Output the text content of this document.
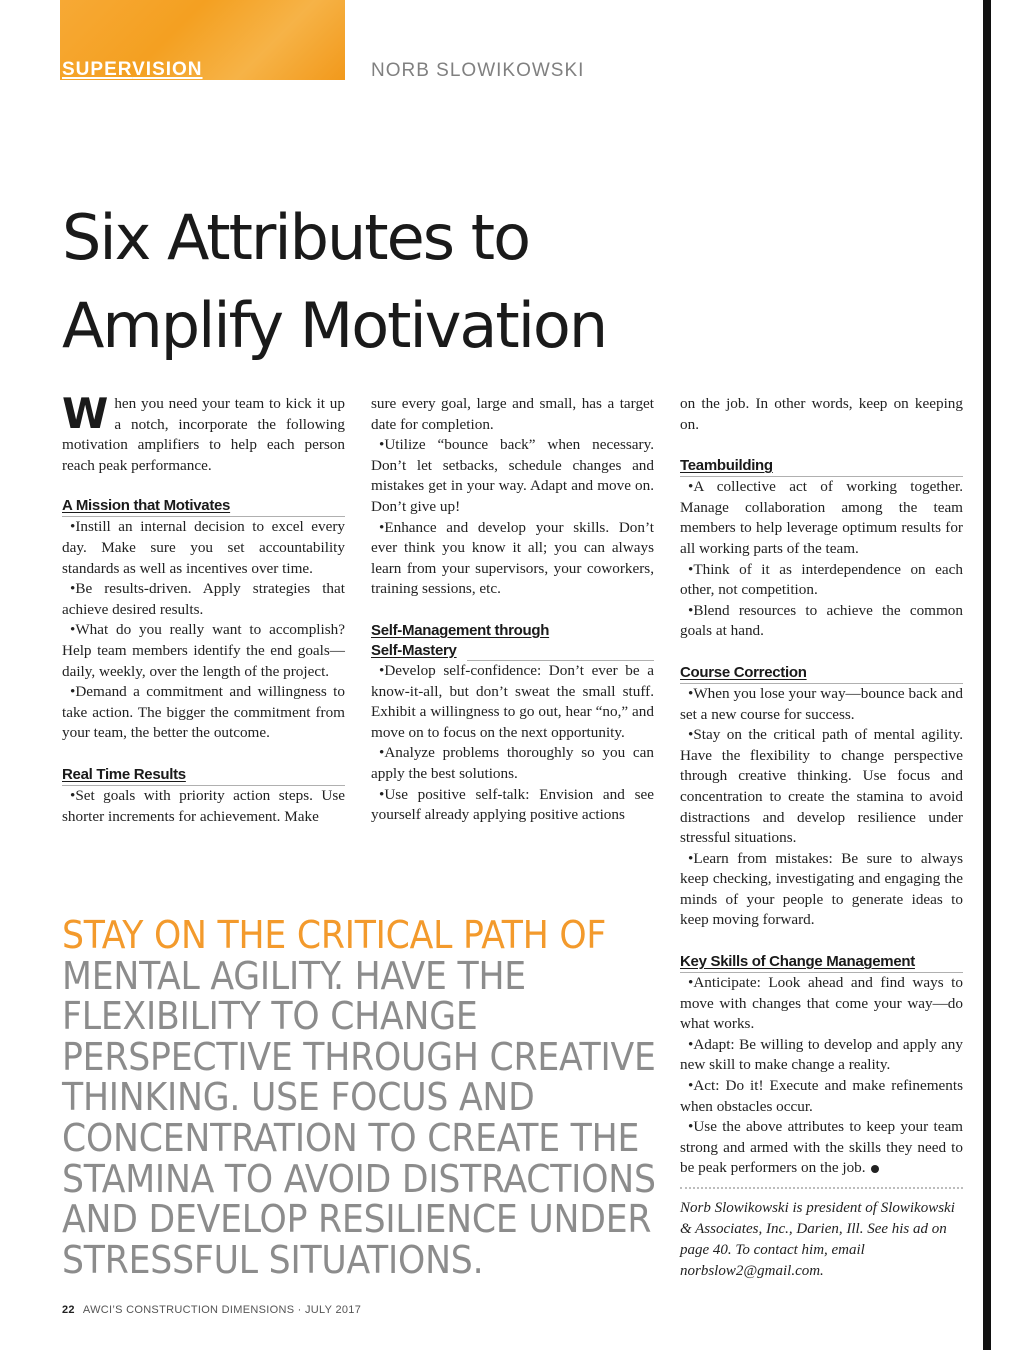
SUPERVISION	NORB SLOWIKOWSKI
Six Attributes to
Amplify Motivation

When you need your team to kick it up a notch, incorporate the following motivation amplifiers to help each person reach peak performance.

A Mission that Motivates

•Instill an internal decision to excel every day. Make sure you set accountability standards as well as incentives over time.

•Be results-driven. Apply strategies that achieve desired results.

•What do you really want to accomplish? Help team members identify the end goals—daily, weekly, over the length of the project.

•Demand a commitment and willingness to take action. The bigger the commitment from your team, the better the outcome.

Real Time Results

•Set goals with priority action steps. Use shorter increments for achievement. Make

sure every goal, large and small, has a target date for completion.

•Utilize “bounce back” when necessary. Don’t let setbacks, schedule changes and mistakes get in your way. Adapt and move on. Don’t give up!

•Enhance and develop your skills. Don’t ever think you know it all; you can always learn from your supervisors, your coworkers, training sessions, etc.

Self-Management through
Self-Mastery

•Develop self-confidence: Don’t ever be a know-it-all, but don’t sweat the small stuff. Exhibit a willingness to go out, hear “no,” and move on to focus on the next opportunity.

•Analyze problems thoroughly so you can apply the best solutions.

•Use positive self-talk: Envision and see yourself already applying positive actions

on the job. In other words, keep on keeping on.

Teambuilding

•A collective act of working together. Manage collaboration among the team members to help leverage optimum results for all working parts of the team.

•Think of it as interdependence on each other, not competition.

•Blend resources to achieve the common goals at hand.

Course Correction

•When you lose your way—bounce back and set a new course for success.

•Stay on the critical path of mental agility. Have the flexibility to change perspective through creative thinking. Use focus and concentration to create the stamina to avoid distractions and develop resilience under stressful situations.

•Learn from mistakes: Be sure to always keep checking, investigating and engaging the minds of your people to generate ideas to keep moving forward.

Key Skills of Change Management

•Anticipate: Look ahead and find ways to move with changes that come your way—do what works.

•Adapt: Be willing to develop and apply any new skill to make change a reality.

•Act: Do it! Execute and make refinements when obstacles occur.

•Use the above attributes to keep your team strong and armed with the skills they need to be peak performers on the job.

Norb Slowikowski is president of Slowikowski & Associates, Inc., Darien, Ill. See his ad on page 40. To contact him, email norbslow2@gmail.com.

STAY ON THE CRITICAL PATH OF MENTAL AGILITY. HAVE THE FLEXIBILITY TO CHANGE PERSPECTIVE THROUGH CREATIVE THINKING. USE FOCUS AND CONCENTRATION TO CREATE THE STAMINA TO AVOID DISTRACTIONS AND DEVELOP RESILIENCE UNDER STRESSFUL SITUATIONS.
22 AWCI’S CONSTRUCTION DIMENSIONS · JULY 2017
